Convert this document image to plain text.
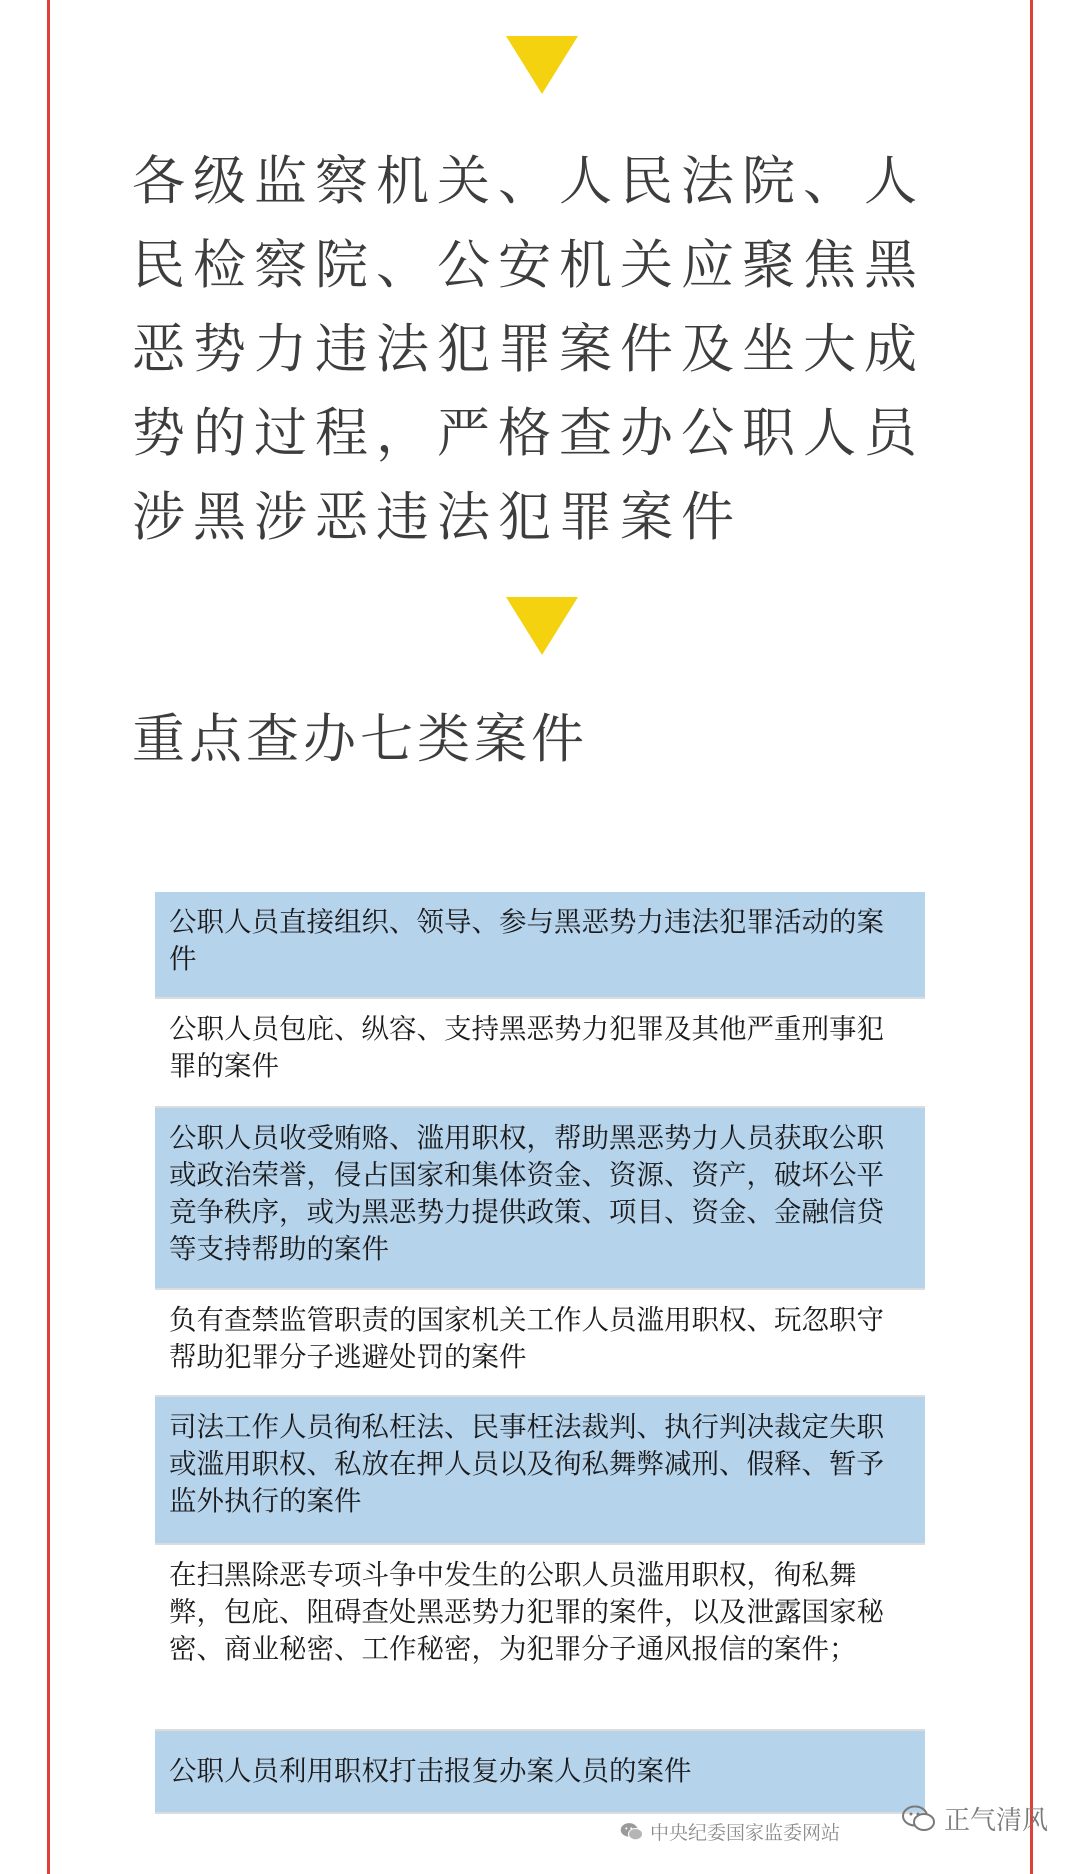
各级监察机关、人民法院、人民检察院、公安机关应聚焦黑恶势力违法犯罪案件及坐大成势的过程，严格查办公职人员涉黑涉恶违法犯罪案件
重点查办七类案件
公职人员直接组织、领导、参与黑恶势力违法犯罪活动的案件
公职人员包庇、纵容、支持黑恶势力犯罪及其他严重刑事犯罪的案件
公职人员收受贿赂、滥用职权，帮助黑恶势力人员获取公职或政治荣誉，侵占国家和集体资金、资源、资产，破坏公平竞争秩序，或为黑恶势力提供政策、项目、资金、金融信贷等支持帮助的案件
负有查禁监管职责的国家机关工作人员滥用职权、玩忽职守帮助犯罪分子逃避处罚的案件
司法工作人员徇私枉法、民事枉法裁判、执行判决裁定失职或滥用职权、私放在押人员以及徇私舞弊减刑、假释、暂予监外执行的案件
在扫黑除恶专项斗争中发生的公职人员滥用职权，徇私舞弊，包庇、阻碍查处黑恶势力犯罪的案件，以及泄露国家秘密、商业秘密、工作秘密，为犯罪分子通风报信的案件；
公职人员利用职权打击报复办案人员的案件
中央纪委国家监委网站	正气清风
